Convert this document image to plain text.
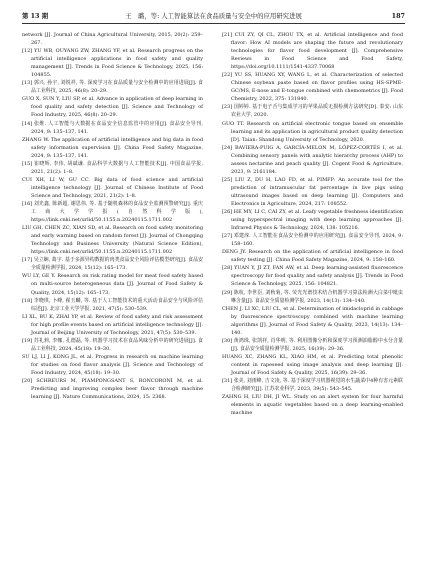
第 13 期	王　璐，等: 人工智能算法在食品质量与安全中的应用研究进展	187

network [J]. Journal of China Agricultural University, 2015, 20(2): 259–267.

[12] YU WB, OUYANG ZW, ZHANG YF, et al. Research progress on the artificial intelligence applications in food safety and quality management [J]. Trends in Food Science & Technology, 2025, 156: 104855.

[13] 郭兴, 孙宇, 刘锐祥, 等. 深度学习在食品质量与安全检测中的应用进展[J]. 食品工业科技, 2025, 46(8): 20–29.

GUO X, SUN Y, LIU SP, et al. Advance in application of deep learning in food quality and safety detection [J]. Science and Technology of Food Industry, 2025, 46(8): 20–29.

[14] 张维. 人工智能与大数据在食品安全信息监管中的应用[J]. 食品安全导刊, 2024, 9: 135–137, 141.

ZHANG W. The application of artificial intelligence and big data in food safety information supervision [J]. China Food Safety Magazine, 2024, 9: 135–137, 141.

[15] 崔晓辉, 李伟, 胡斌谦. 食品科学大数据与人工智能技术[J]. 中国食品学报, 2021, 21(2): 1–8.

CUI XH, LI W, GU CC. Big data of food science and artificial intelligence technology [J]. Journal of Chinese Institute of Food Science and Technology, 2021, 21(2): 1–8.

[16] 刘光鑫, 陈新超, 谢思伟, 等. 基于随机森林的食品安全监测预警研究[J]. 重庆工商大学学报(自然科学版), https://link.cnki.net/urlid/50.1155.n.20240115.1711.002

LIU GH, CHEN ZC, XIAN SD, et al. Research on food safety monitoring and early warning based on random forest [J]. Journal of Chongqing Technology and Business University (Natural Science Edition), https://link.cnki.net/urlid/50.1155.n.20240115.1711.002

[17] 吴立娴, 葛宇. 基于多源异构数据的肉类食品安全风险评估模型研究[J]. 食品安全质量检测学报, 2024, 15(12): 165–173.

WU LY, GE Y. Research on risk rating model for meat food safety based on multi-source heterogeneous data [J]. Journal of Food Safety & Quality, 2024, 15(12): 165–173.

[18] 李晓琪, 卜峰, 翟玉麟, 等. 基于人工智能技术的重大活动食品安全与风险评估综述[J]. 北京工业大学学报, 2021, 47(5): 530–539.

LI XL, BU K, ZHAI YP, et al. Review of food safety and risk assessment for high profile events based on artificial intelligence technology [J]. Journal of Beijing University of Technology, 2021, 47(5): 530–539.

[19] 苏礼莉, 李娜, 孔德磊, 等. 机器学习技术在食品风味分析中的研究进展[J]. 食品工业科技, 2024, 45(18): 19–30.

SU LJ, LI J, KONG JL, et al. Progress in research on machine learning for studies on food flavor analysis [J]. Science and Technology of Food Industry, 2024, 45(18): 19–30.

[20] SCHREURS M, PIAMPONGSANT S, RONCORONI M, et al. Predicting and improving complex beer flavor through machine learning [J]. Nature Communications, 2024, 15: 2368.

[21] CUI ZY, QI CL, ZHOU TX, et al. Artificial intelligence and food flavor: How AI models are shaping the future and revolutionary technologies for flavor food development [J]. Comprehensive Reviews in Food Science and Food Safety, https://doi.org/10.1111/1541-4337.70068

[22] YU SS, HUANG XY, WANG L, et al. Characterization of selected Chinese soybean paste based on flavor profiles using HS-SPME-GC/MS, E-nose and E-tongue combined with chemometrics [J]. Food Chemistry, 2022, 375: 131840.

[23] 国婷婷. 基于电子舌与集成学习的苹果品质无损检测方法研究[D]. 泰安: 山东农业大学, 2020.

GUO TT. Research on artificial electronic tongue based on ensemble learning and its application in agricultural product quality detection [D]. Taian: Shandong University of Technology, 2020.

[24] BAVIERA-PUIG A, GARCÍA-MELON M, LÓPEZ-CORTÉS I, et al. Combining sensory panels with analytic hierarchy process (AHP) to assess nectarine and peach quality [J]. Cogent Food & Agriculture, 2023, 9: 2161184.

[25] LIU Z, DU H, LAO FD, et al. PIMFP: An accurate tool for the prediction of intramuscular fat percentage in live pigs using ultrasound images based on deep learning [J]. Computers and Electronics in Agriculture, 2024, 217: 108552.

[26] HE MY, LI C, CAI ZY, et al. Leafy vegetable freshness identification using hyperspectral imaging with deep learning approaches [J]. Infrared Physics & Technology, 2024, 138: 105216.

[27] 邓建淳. 人工智能在食品安全检测中的应用研究[J]. 食品安全导刊, 2024, 9: 158–160.

DENG JY. Research on the application of artificial intelligence in food safety testing [J]. China Food Safety Magazine, 2024, 9: 158–160.

[28] YUAN Y, JI ZT, FAN AW, et al. Deep learning-assisted fluorescence spectroscopy for food quality and safety analysis [J]. Trends in Food Science & Technology, 2025, 156: 104821.

[29] 陈杭, 李世臣, 刘秋菊, 等. 荧光光谱技术结合机器学习算法检测大白菜中吡虫啉含量[J]. 食品安全质量检测学报, 2023, 14(13): 134–140.

CHEN J, LI XC, LIU CL, et al. Determination of imidacloprid in cabbage by fluorescence spectroscopy combined with machine learning algorithms [J]. Journal of Food Safety & Quality, 2023, 14(13): 134–140.

[30] 黄鸿珠, 张凯祥, 肖华明, 等. 利用图像分析和深度学习预测油脂醇中水分含量[J]. 食品安全质量检测学报, 2025, 16(39): 29–36.

HUANG XC, ZHANG KL, XIAO HM, et al. Predicting total phenolic content in rapeseed using image analysis and deep learning [J]. Journal of Food Safety & Quality, 2025, 16(39): 29–36.

[31] 张美, 刘雨峰, 吉文凌, 等. 基于深度学习机器视觉的水生蔬菜中4种有害元素联合检测研究[J]. 江苏农业科学, 2023, 39(5): 543–545.

ZAHNG H, LIU DH, JI WL. Study on an alert system for four harmful elements in aquatic vegetables based on a deep learning-enabled machine
